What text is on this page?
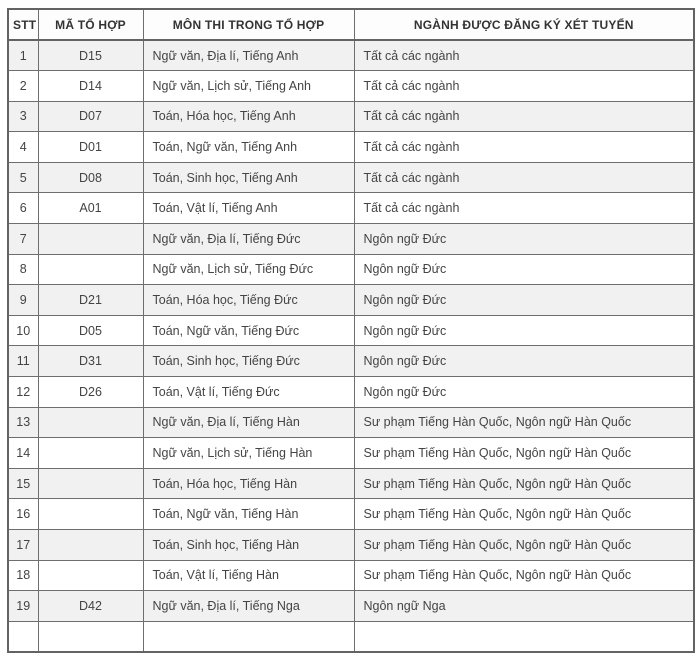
STT	MÃ TỔ HỢP	MÔN THI TRONG TỔ HỢP	NGÀNH ĐƯỢC ĐĂNG KÝ XÉT TUYỂN
1	D15	Ngữ văn, Địa lí, Tiếng Anh	Tất cả các ngành
2	D14	Ngữ văn, Lịch sử, Tiếng Anh	Tất cả các ngành
3	D07	Toán, Hóa học, Tiếng Anh	Tất cả các ngành
4	D01	Toán, Ngữ văn, Tiếng Anh	Tất cả các ngành
5	D08	Toán, Sinh học, Tiếng Anh	Tất cả các ngành
6	A01	Toán, Vật lí, Tiếng Anh	Tất cả các ngành
7		Ngữ văn, Địa lí, Tiếng Đức	Ngôn ngữ Đức
8		Ngữ văn, Lịch sử, Tiếng Đức	Ngôn ngữ Đức
9	D21	Toán, Hóa học, Tiếng Đức	Ngôn ngữ Đức
10	D05	Toán, Ngữ văn, Tiếng Đức	Ngôn ngữ Đức
11	D31	Toán, Sinh học, Tiếng Đức	Ngôn ngữ Đức
12	D26	Toán, Vật lí, Tiếng Đức	Ngôn ngữ Đức
13		Ngữ văn, Địa lí, Tiếng Hàn	Sư phạm Tiếng Hàn Quốc, Ngôn ngữ Hàn Quốc
14		Ngữ văn, Lịch sử, Tiếng Hàn	Sư phạm Tiếng Hàn Quốc, Ngôn ngữ Hàn Quốc
15		Toán, Hóa học, Tiếng Hàn	Sư phạm Tiếng Hàn Quốc, Ngôn ngữ Hàn Quốc
16		Toán, Ngữ văn, Tiếng Hàn	Sư phạm Tiếng Hàn Quốc, Ngôn ngữ Hàn Quốc
17		Toán, Sinh học, Tiếng Hàn	Sư phạm Tiếng Hàn Quốc, Ngôn ngữ Hàn Quốc
18		Toán, Vật lí, Tiếng Hàn	Sư phạm Tiếng Hàn Quốc, Ngôn ngữ Hàn Quốc
19	D42	Ngữ văn, Địa lí, Tiếng Nga	Ngôn ngữ Nga
